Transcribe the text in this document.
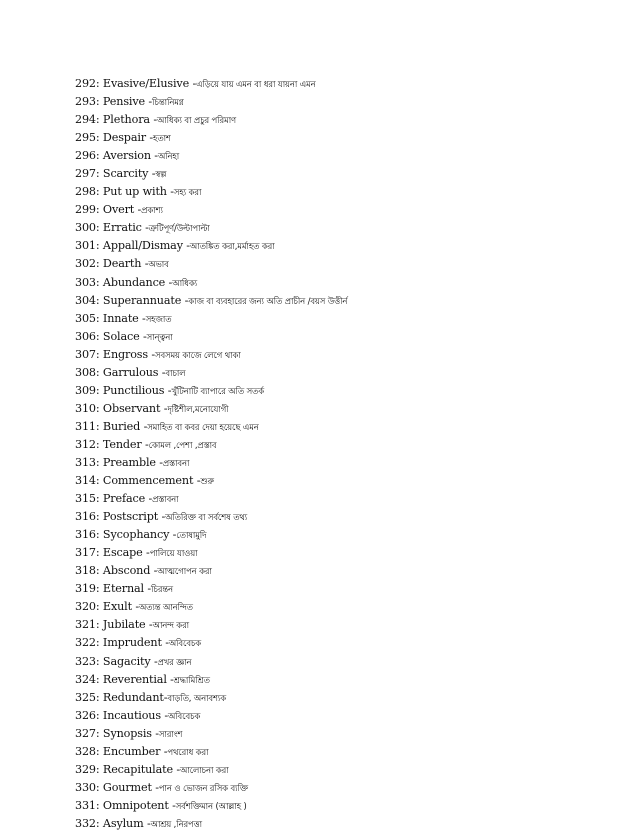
292: Evasive/Elusive -এড়িয়ে যায় এমন বা ধরা যায়না এমন
293: Pensive -চিন্তানিমগ্ন
294: Plethora -আধিক্য বা প্রচুর পরিমাণ
295: Despair -হতাশ
296: Aversion -অনিহা
297: Scarcity -স্বল্প
298: Put up with -সহ্য করা
299: Overt -প্রকাশ্য
300: Erratic -ত্রুটিপূর্ণ/উল্টাপাল্টা
301: Appall/Dismay -আতঙ্কিত করা,মর্মাহত করা
302: Dearth -অভাব
303: Abundance -আধিক্য
304: Superannuate -কাজ বা ব্যবহারের জন্য অতি প্রাচীন /বয়স উত্তীর্ন
305: Innate -সহজাত
306: Solace -সান্ত্বনা
307: Engross -সবসময় কাজে লেগে থাকা
308: Garrulous -বাচাল
309: Punctilious -খুঁটিনাটি ব্যাপারে অতি সতর্ক
310: Observant -দৃষ্টিশীল,মনোযোগী
311: Buried -সমাহিত বা কবর দেয়া হয়েছে এমন
312: Tender -কোমল ,পেশা ,প্রস্তাব
313: Preamble -প্রস্তাবনা
314: Commencement -শুরু
315: Preface -প্রস্তাবনা
316: Postscript -অতিরিক্ত বা সর্বশেষ তথ্য
316: Sycophancy -তোষামুদি
317: Escape -পালিয়ে যাওয়া
318: Abscond -আত্মগোপন করা
319: Eternal -চিরন্তন
320: Exult -অত্যন্ত আনন্দিত
321: Jubilate -আনন্দ করা
322: Imprudent -অবিবেচক
323: Sagacity -প্রখর জ্ঞান
324: Reverential -শ্রদ্ধামিশ্রিত
325: Redundant-বাড়তি, অনাবশ্যক
326: Incautious -অবিবেচক
327: Synopsis -সারাংশ
328: Encumber -পথরোধ করা
329: Recapitulate -আলোচনা করা
330: Gourmet -পান ও ভোজন রসিক ব্যক্তি
331: Omnipotent -সর্বশক্তিমান (আল্লাহ )
332: Asylum -আশ্রয় ,নিরপত্তা
